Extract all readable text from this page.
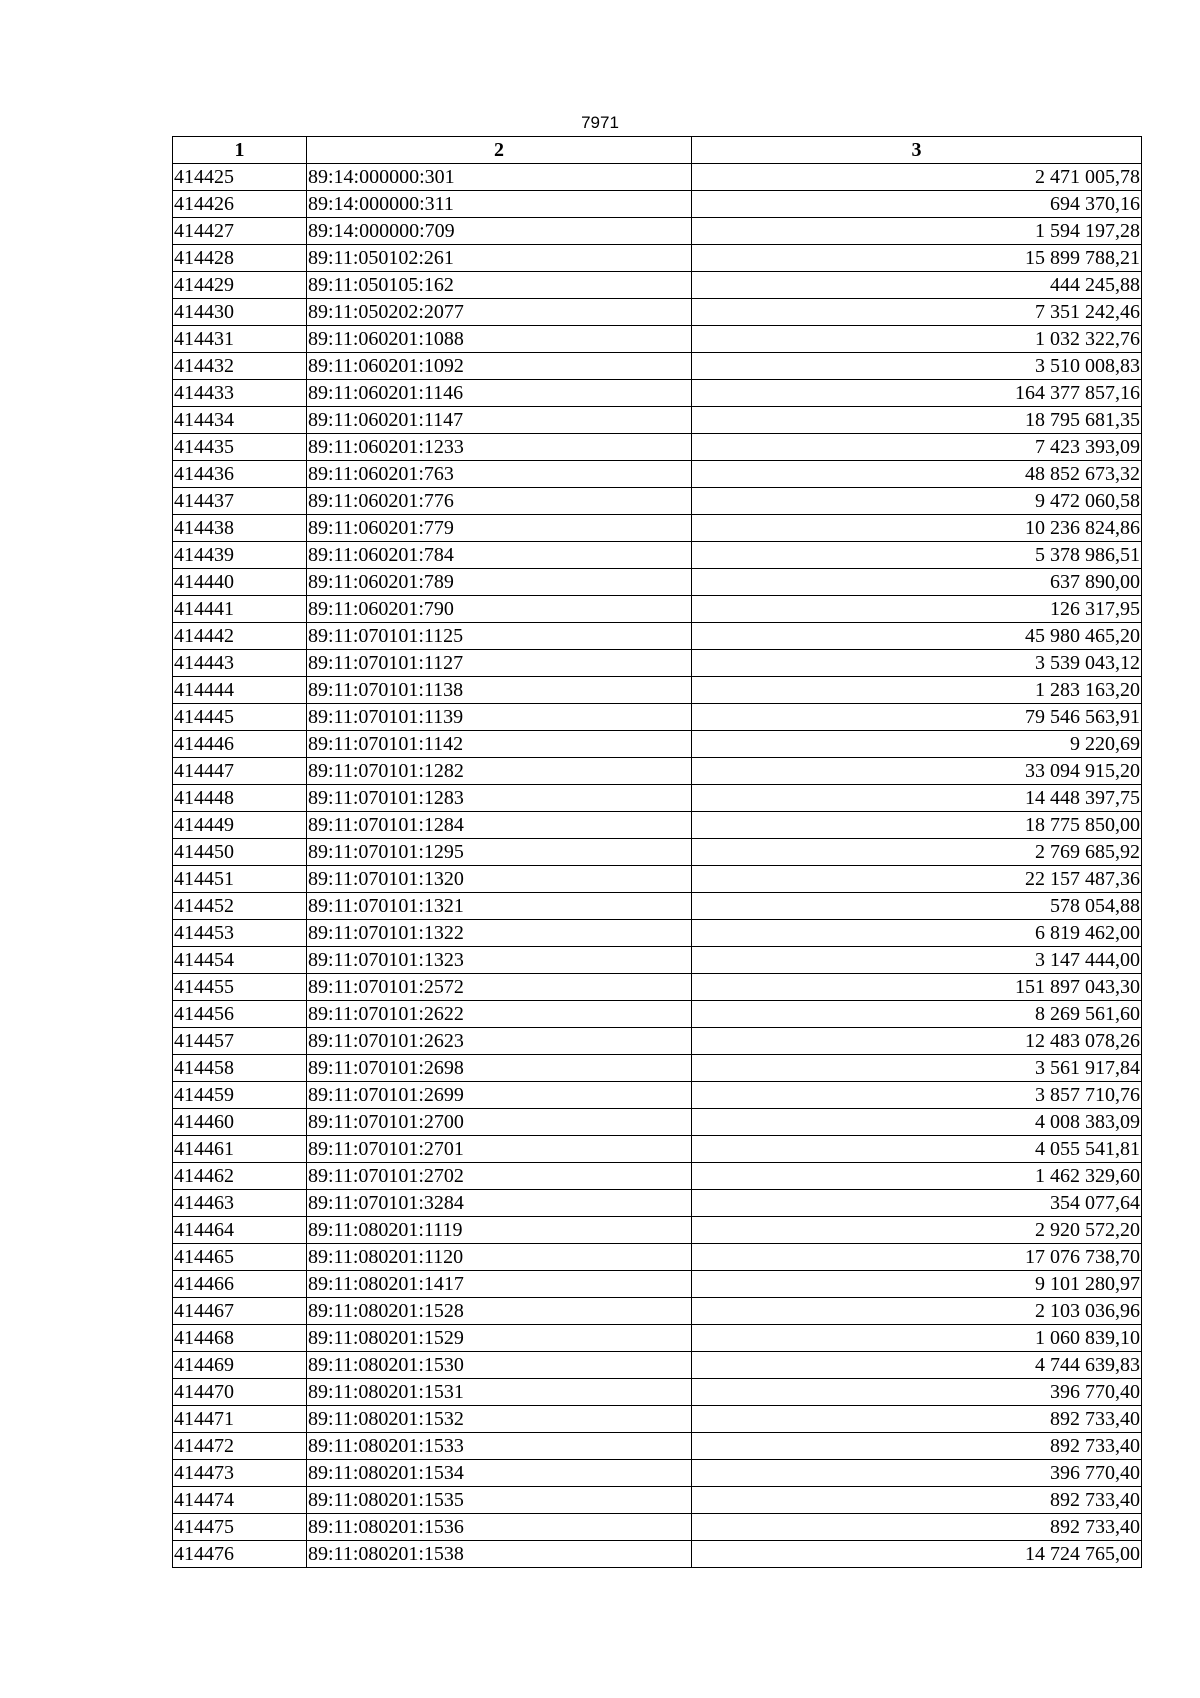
7971
1	2	3
414425	89:14:000000:301	2 471 005,78
414426	89:14:000000:311	694 370,16
414427	89:14:000000:709	1 594 197,28
414428	89:11:050102:261	15 899 788,21
414429	89:11:050105:162	444 245,88
414430	89:11:050202:2077	7 351 242,46
414431	89:11:060201:1088	1 032 322,76
414432	89:11:060201:1092	3 510 008,83
414433	89:11:060201:1146	164 377 857,16
414434	89:11:060201:1147	18 795 681,35
414435	89:11:060201:1233	7 423 393,09
414436	89:11:060201:763	48 852 673,32
414437	89:11:060201:776	9 472 060,58
414438	89:11:060201:779	10 236 824,86
414439	89:11:060201:784	5 378 986,51
414440	89:11:060201:789	637 890,00
414441	89:11:060201:790	126 317,95
414442	89:11:070101:1125	45 980 465,20
414443	89:11:070101:1127	3 539 043,12
414444	89:11:070101:1138	1 283 163,20
414445	89:11:070101:1139	79 546 563,91
414446	89:11:070101:1142	9 220,69
414447	89:11:070101:1282	33 094 915,20
414448	89:11:070101:1283	14 448 397,75
414449	89:11:070101:1284	18 775 850,00
414450	89:11:070101:1295	2 769 685,92
414451	89:11:070101:1320	22 157 487,36
414452	89:11:070101:1321	578 054,88
414453	89:11:070101:1322	6 819 462,00
414454	89:11:070101:1323	3 147 444,00
414455	89:11:070101:2572	151 897 043,30
414456	89:11:070101:2622	8 269 561,60
414457	89:11:070101:2623	12 483 078,26
414458	89:11:070101:2698	3 561 917,84
414459	89:11:070101:2699	3 857 710,76
414460	89:11:070101:2700	4 008 383,09
414461	89:11:070101:2701	4 055 541,81
414462	89:11:070101:2702	1 462 329,60
414463	89:11:070101:3284	354 077,64
414464	89:11:080201:1119	2 920 572,20
414465	89:11:080201:1120	17 076 738,70
414466	89:11:080201:1417	9 101 280,97
414467	89:11:080201:1528	2 103 036,96
414468	89:11:080201:1529	1 060 839,10
414469	89:11:080201:1530	4 744 639,83
414470	89:11:080201:1531	396 770,40
414471	89:11:080201:1532	892 733,40
414472	89:11:080201:1533	892 733,40
414473	89:11:080201:1534	396 770,40
414474	89:11:080201:1535	892 733,40
414475	89:11:080201:1536	892 733,40
414476	89:11:080201:1538	14 724 765,00
